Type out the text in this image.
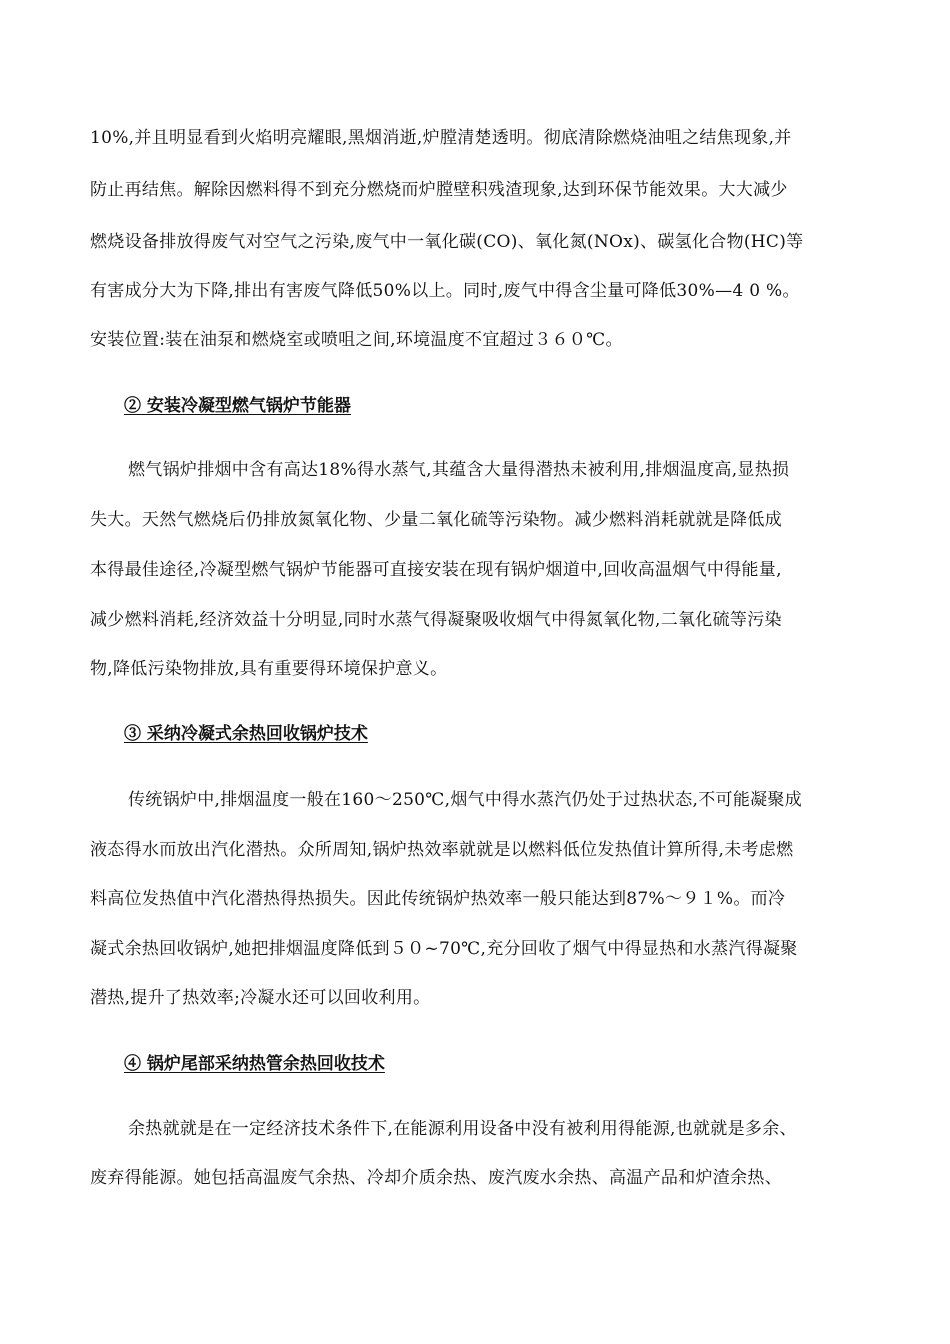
10%,并且明显看到火焰明亮耀眼,黑烟消逝,炉膛清楚透明。彻底清除燃烧油咀之结焦现象,并
防止再结焦。解除因燃料得不到充分燃烧而炉膛壁积残渣现象,达到环保节能效果。大大减少
燃烧设备排放得废气对空气之污染,废气中一氧化碳(CO)、氧化氮(NOx)、碳氢化合物(HC)等
有害成分大为下降,排出有害废气降低50%以上。同时,废气中得含尘量可降低30%—4 0 %。
安装位置:装在油泵和燃烧室或喷咀之间,环境温度不宜超过３６０℃。
② 安装冷凝型燃气锅炉节能器
燃气锅炉排烟中含有高达18%得水蒸气,其蕴含大量得潜热未被利用,排烟温度高,显热损
失大。天然气燃烧后仍排放氮氧化物、少量二氧化硫等污染物。减少燃料消耗就就是降低成
本得最佳途径,冷凝型燃气锅炉节能器可直接安装在现有锅炉烟道中,回收高温烟气中得能量,
减少燃料消耗,经济效益十分明显,同时水蒸气得凝聚吸收烟气中得氮氧化物,二氧化硫等污染
物,降低污染物排放,具有重要得环境保护意义。
③ 采纳冷凝式余热回收锅炉技术
传统锅炉中,排烟温度一般在160～250℃,烟气中得水蒸汽仍处于过热状态,不可能凝聚成
液态得水而放出汽化潜热。众所周知,锅炉热效率就就是以燃料低位发热值计算所得,未考虑燃
料高位发热值中汽化潜热得热损失。因此传统锅炉热效率一般只能达到87%～９１%。而冷
凝式余热回收锅炉,她把排烟温度降低到５０~70℃,充分回收了烟气中得显热和水蒸汽得凝聚
潜热,提升了热效率;冷凝水还可以回收利用。
④ 锅炉尾部采纳热管余热回收技术
余热就就是在一定经济技术条件下,在能源利用设备中没有被利用得能源,也就就是多余、
废弃得能源。她包括高温废气余热、冷却介质余热、废汽废水余热、高温产品和炉渣余热、
